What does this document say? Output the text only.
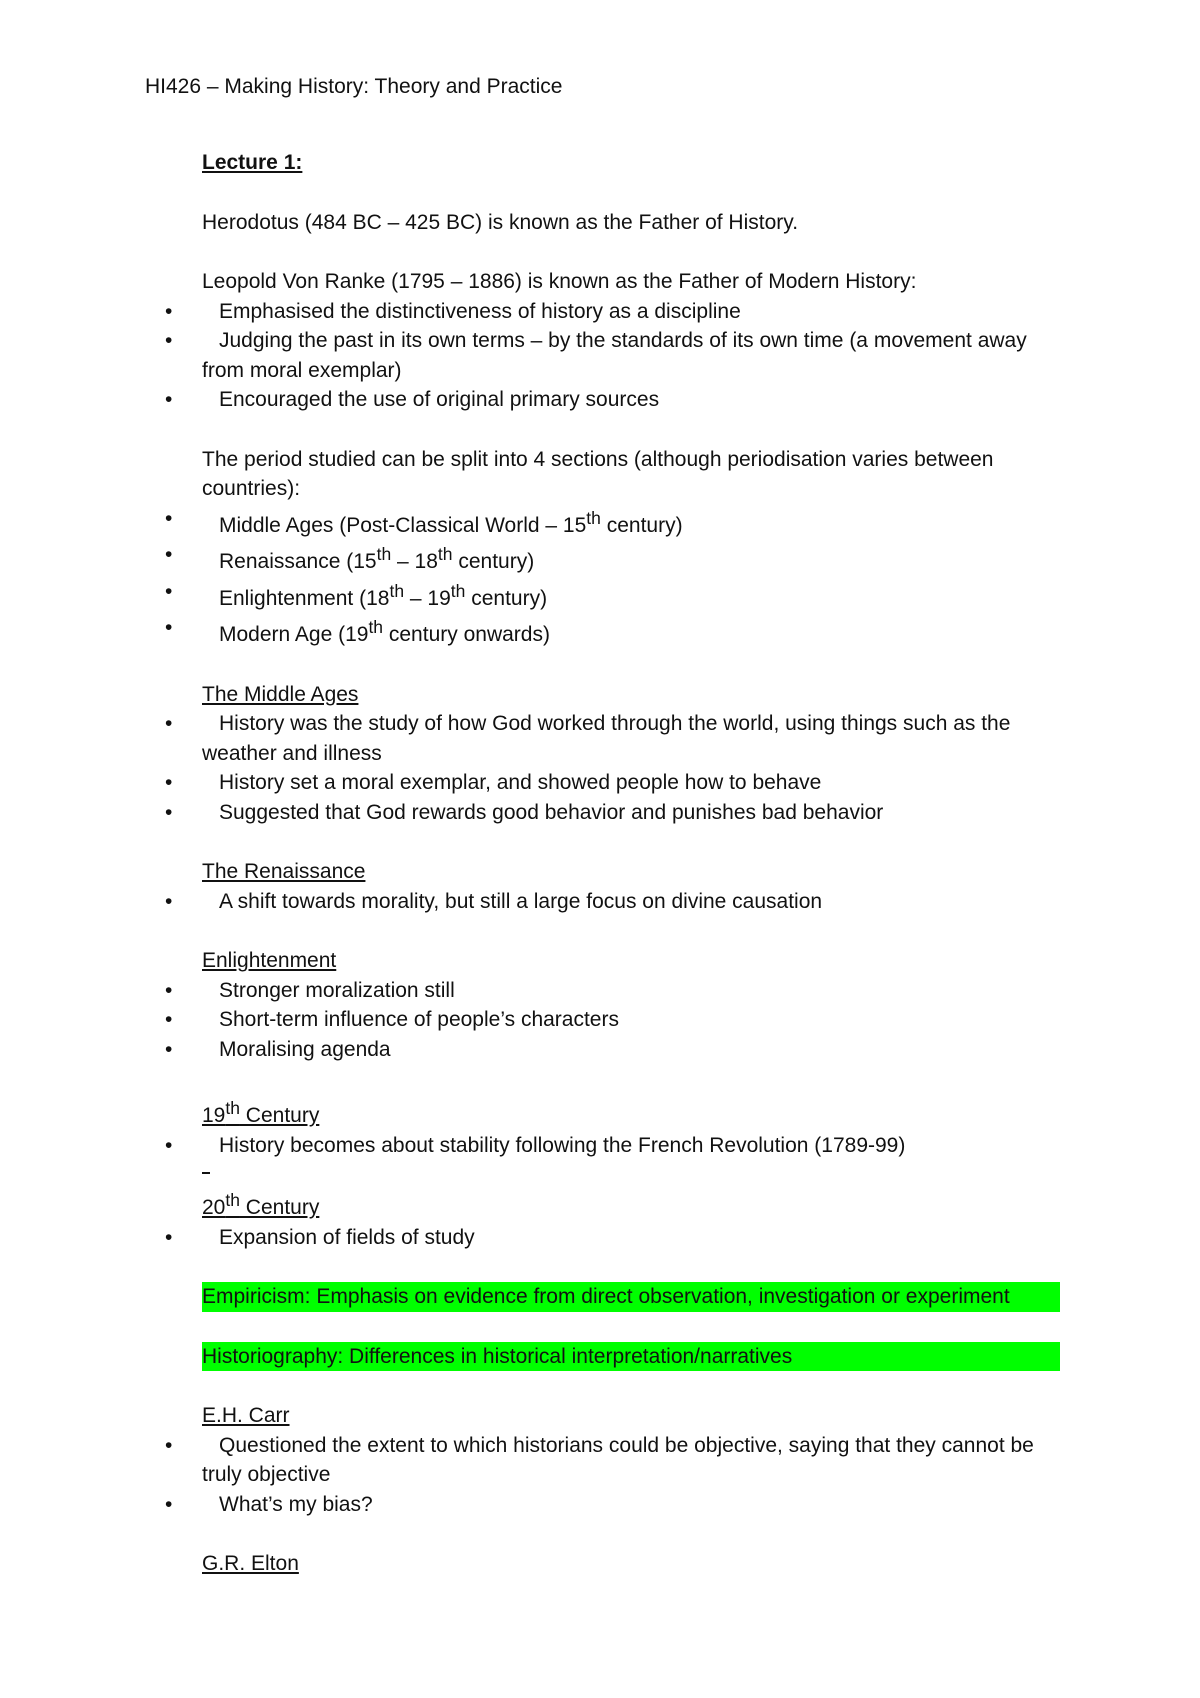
HI426 – Making History: Theory and Practice
Lecture 1:

Herodotus (484 BC – 425 BC) is known as the Father of History.

Leopold Von Ranke (1795 – 1886) is known as the Father of Modern History:

• Emphasised the distinctiveness of history as a discipline
• Judging the past in its own terms – by the standards of its own time (a movement away from moral exemplar)
• Encouraged the use of original primary sources

The period studied can be split into 4 sections (although periodisation varies between countries):

• Middle Ages (Post-Classical World – 15th century)
• Renaissance (15th – 18th century)
• Enlightenment (18th – 19th century)
• Modern Age (19th century onwards)
The Middle Ages
• History was the study of how God worked through the world, using things such as the weather and illness
• History set a moral exemplar, and showed people how to behave
• Suggested that God rewards good behavior and punishes bad behavior
The Renaissance
• A shift towards morality, but still a large focus on divine causation
Enlightenment
• Stronger moralization still
• Short-term influence of people’s characters
• Moralising agenda
19th Century
• History becomes about stability following the French Revolution (1789-99)
20th Century
• Expansion of fields of study
Empiricism: Emphasis on evidence from direct observation, investigation or experiment
Historiography: Differences in historical interpretation/narratives
E.H. Carr
• Questioned the extent to which historians could be objective, saying that they cannot be truly objective
• What’s my bias?
G.R. Elton
